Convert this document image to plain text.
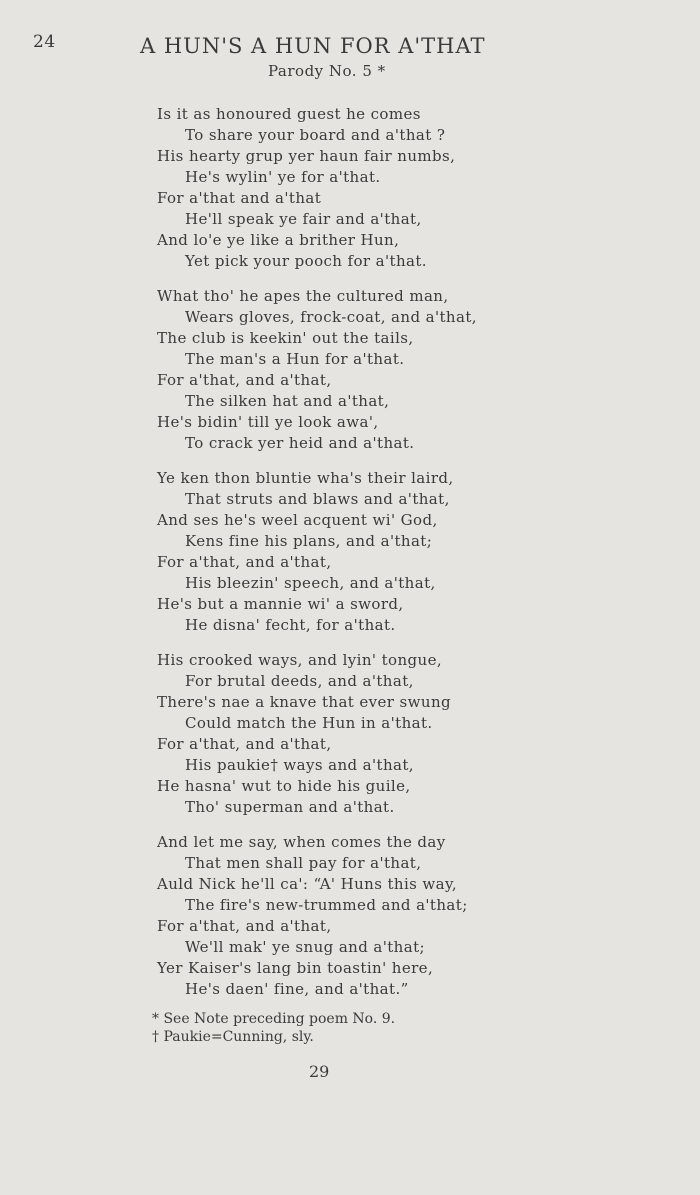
24	A HUN'S A HUN FOR A'THAT
Parody No. 5 *
Is it as honoured guest he comes
To share your board and a'that ?
His hearty grup yer haun fair numbs,
He's wylin' ye for a'that.
For a'that and a'that
He'll speak ye fair and a'that,
And lo'e ye like a brither Hun,
Yet pick your pooch for a'that.
What tho' he apes the cultured man,
Wears gloves, frock-coat, and a'that,
The club is keekin' out the tails,
The man's a Hun for a'that.
For a'that, and a'that,
The silken hat and a'that,
He's bidin' till ye look awa',
To crack yer heid and a'that.
Ye ken thon bluntie wha's their laird,
That struts and blaws and a'that,
And ses he's weel acquent wi' God,
Kens fine his plans, and a'that;
For a'that, and a'that,
His bleezin' speech, and a'that,
He's but a mannie wi' a sword,
He disna' fecht, for a'that.
His crooked ways, and lyin' tongue,
For brutal deeds, and a'that,
There's nae a knave that ever swung
Could match the Hun in a'that.
For a'that, and a'that,
His paukie† ways and a'that,
He hasna' wut to hide his guile,
Tho' superman and a'that.
And let me say, when comes the day
That men shall pay for a'that,
Auld Nick he'll ca': “A' Huns this way,
The fire's new-trummed and a'that;
For a'that, and a'that,
We'll mak' ye snug and a'that;
Yer Kaiser's lang bin toastin' here,
He's daen' fine, and a'that.”
* See Note preceding poem No. 9.
† Paukie=Cunning, sly.
29
